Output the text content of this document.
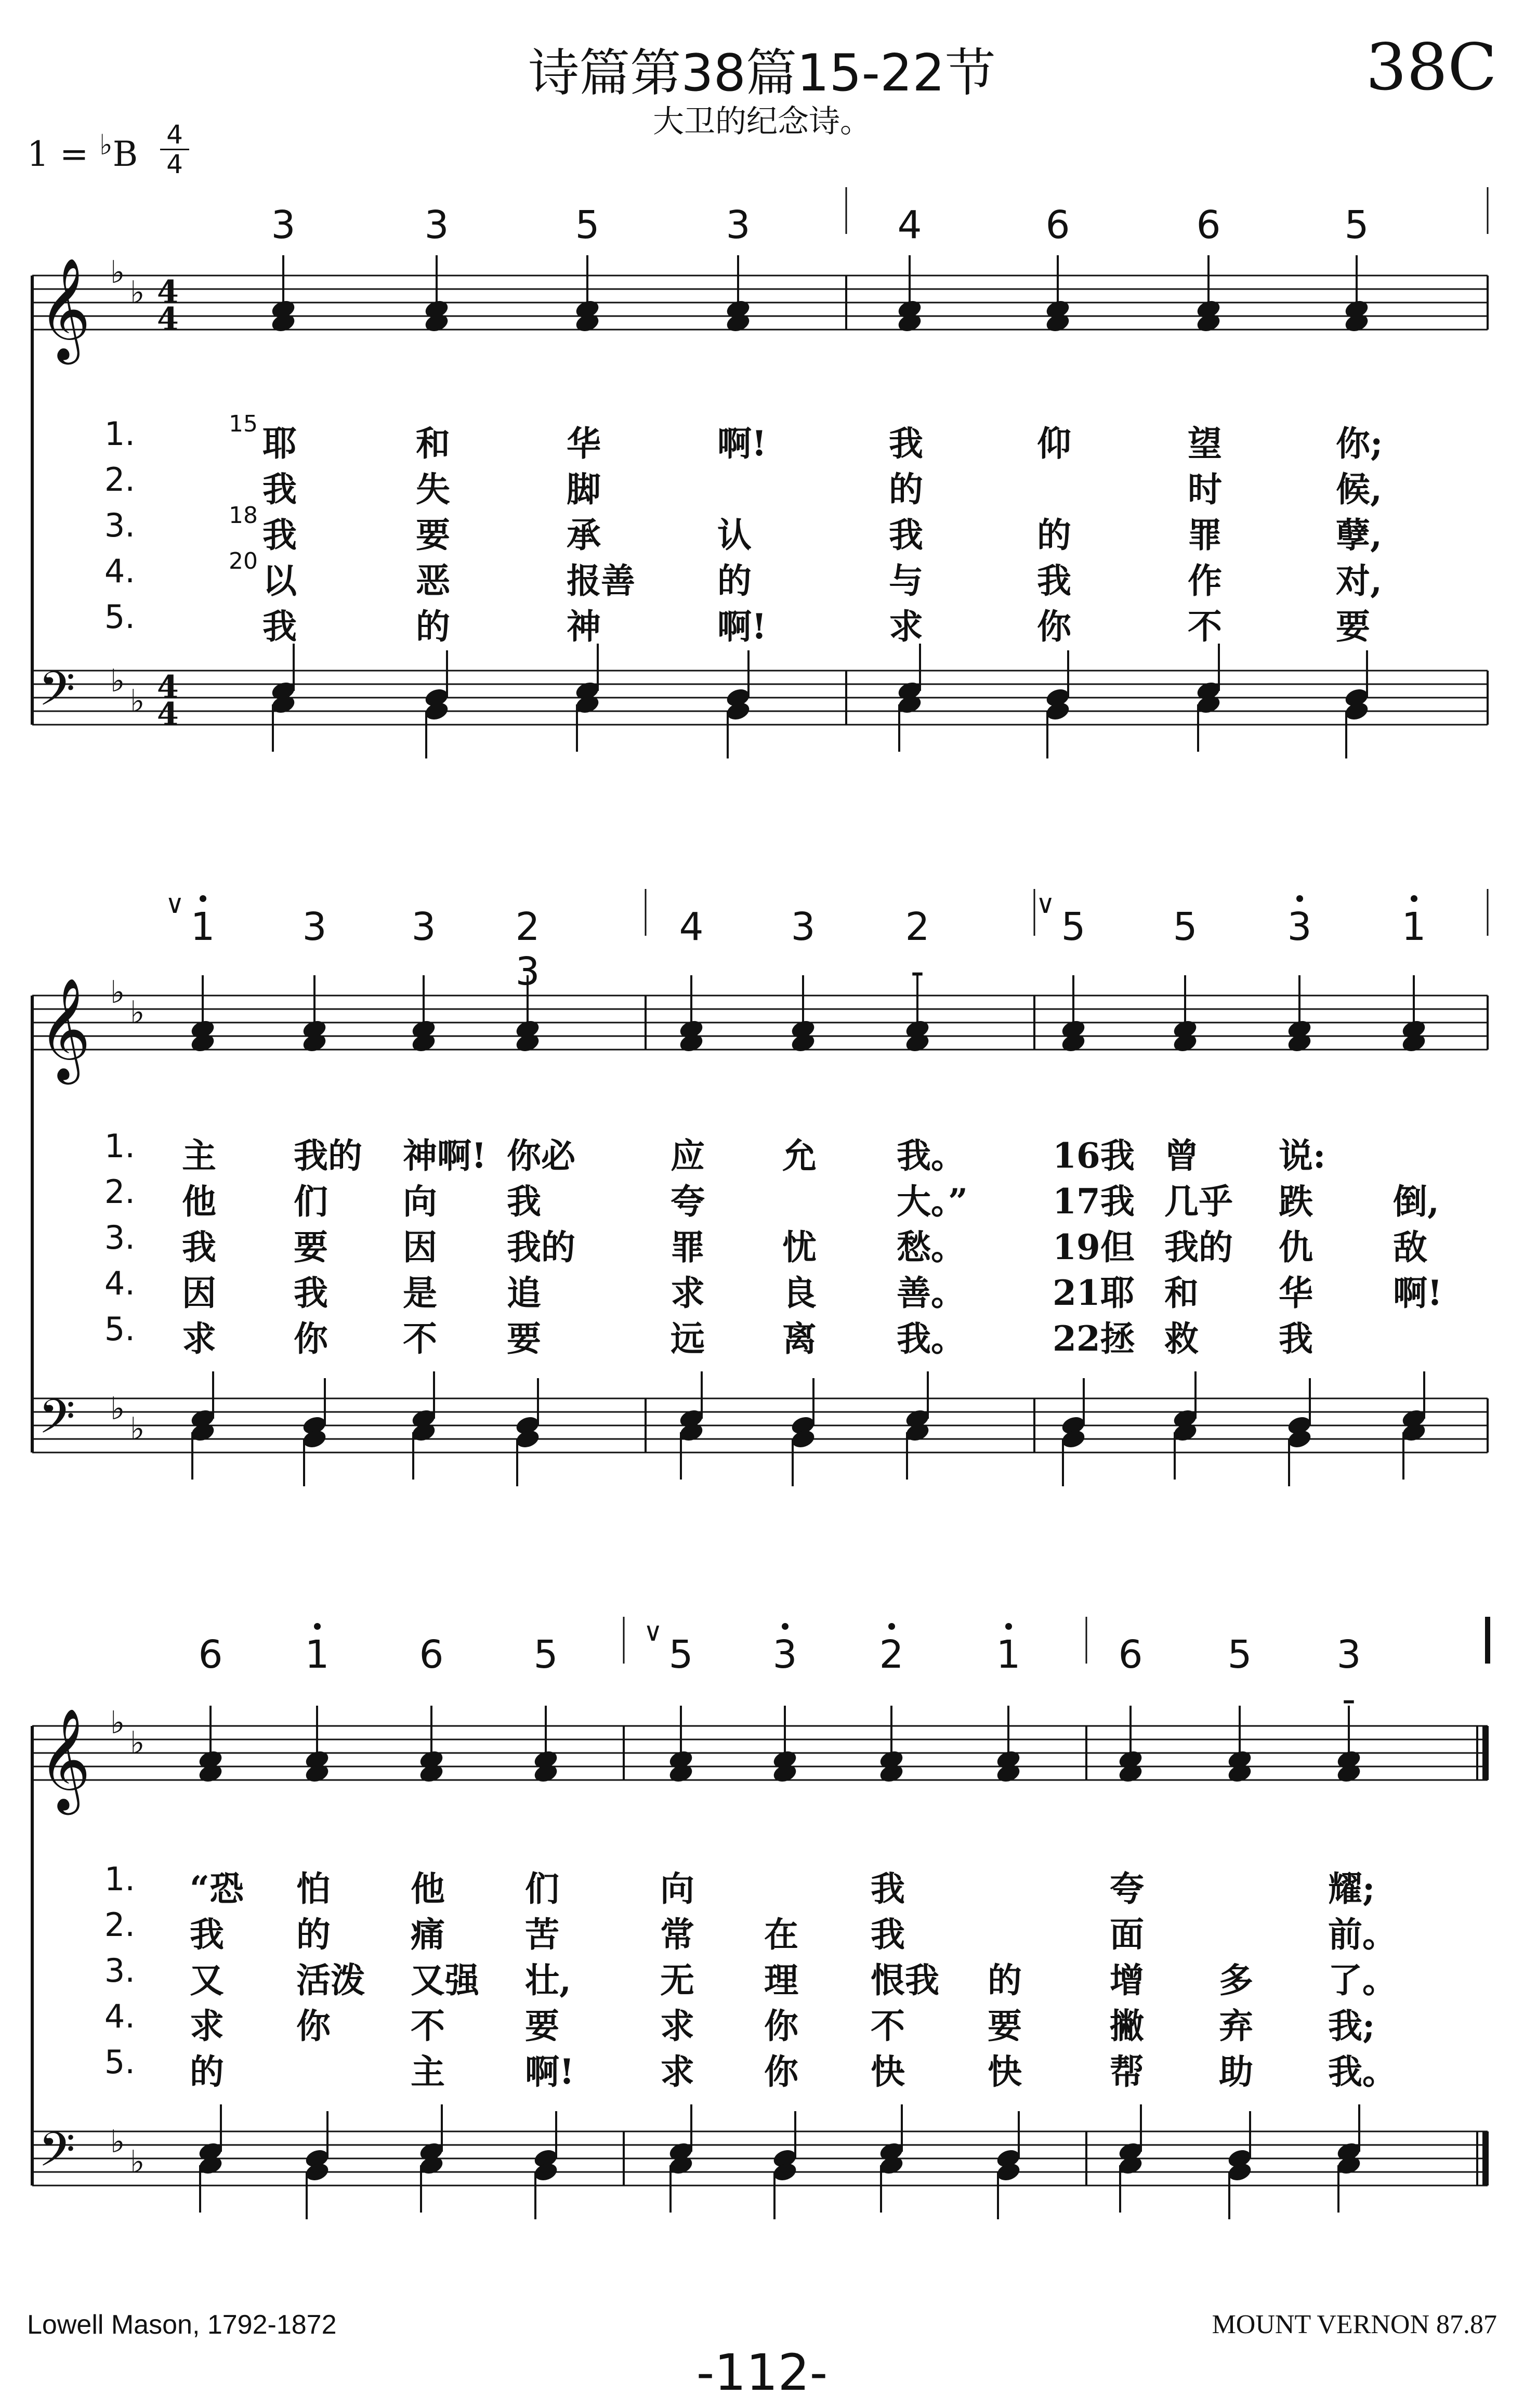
诗篇第38篇15-22节
大卫的纪念诗。
38C
$1 = ^♭B \frac{4}{4}$
𝄞 ♭
♭ 4
4
𝄢 ♭
♭ 4
4
𝄞 ♭
♭
𝄢 ♭
♭
𝄞 ♭
♭
𝄢 ♭
♭
3	3	5	3	4	6	6	5
1.	15 耶	和	华	啊!	我	仰	望	你;
2.	我	失	脚	的	时	候,
3.	18 我	要	承	认	我	的	罪	孽,
4.	20 以	恶	报善 的	与	我	作	对,
5.	我	的	神	啊!	求	你	不	要
1
∨
3 3 2 3
4 3 2 -
5
∨
5 3 1
1. 主 我的 神啊! 你必	应 允 我。	16我 曾 说:
2. 他 们 向 我	夸	大。” 17我 几乎 跌 倒,
3. 我 要 因 我的	罪 忧 愁。	19但 我的 仇 敌
4. 因 我 是 追	求 良 善。	21耶 和 华 啊!
5. 求 你 不 要	远 离 我。	22拯 救 我
6 1 6 5	5
∨
3 2 1	6 5 3 -
1. “恐 怕 他 们	向	我	夸	耀;
2. 我 的 痛 苦	常 在 我	面	前。
3. 又 活泼 又强 壮,	无 理 恨我 的	增 多 了。
4. 求 你 不 要	求 你 不 要	撇 弃 我;
5. 的	主 啊!	求 你 快 快	帮 助 我。
Lowell Mason, 1792-1872	MOUNT VERNON 87.87
-112-
